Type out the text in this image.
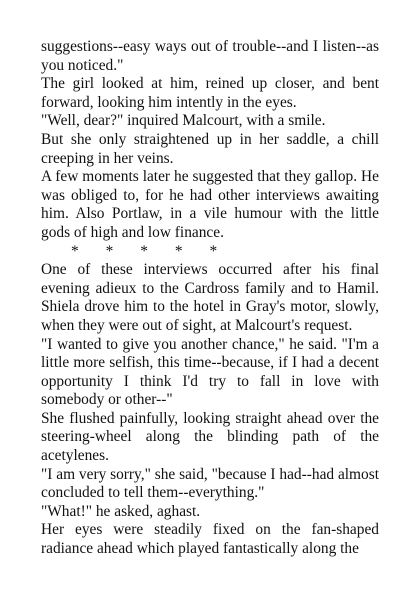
suggestions--easy ways out of trouble--and I listen--as you noticed."

The girl looked at him, reined up closer, and bent forward, looking him intently in the eyes.

"Well, dear?" inquired Malcourt, with a smile.

But she only straightened up in her saddle, a chill creeping in her veins.

A few moments later he suggested that they gallop. He was obliged to, for he had other interviews awaiting him. Also Portlaw, in a vile humour with the little gods of high and low finance.

*       *       *       *       *

One of these interviews occurred after his final evening adieux to the Cardross family and to Hamil. Shiela drove him to the hotel in Gray's motor, slowly, when they were out of sight, at Malcourt's request.

"I wanted to give you another chance," he said. "I'm a little more selfish, this time--because, if I had a decent opportunity I think I'd try to fall in love with somebody or other--"

She flushed painfully, looking straight ahead over the steering-wheel along the blinding path of the acetylenes.

"I am very sorry," she said, "because I had--had almost concluded to tell them--everything."

"What!" he asked, aghast.

Her eyes were steadily fixed on the fan-shaped radiance ahead which played fantastically along the
